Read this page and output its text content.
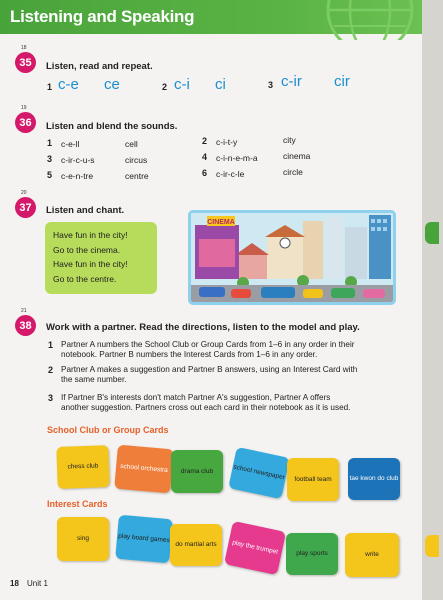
Listening and Speaking
18
35	Listen, read and repeat.
1 c-e ce	2 c-i ci	3 c-ir cir
19
36	Listen and blend the sounds.
1 c-e-ll	cell	2 c-i-t-y	city
3 c-ir-c-u-s	circus	4 c-i-n-e-m-a	cinema
5 c-e-n-tre	centre	6 c-ir-c-le	circle
20
37	Listen and chant.
Have fun in the city!
Go to the cinema.
Have fun in the city!
Go to the centre.
CINEMA
21
38	Work with a partner. Read the directions, listen to the model and play.
1 Partner A numbers the School Club or Group Cards from 1–6 in any order in their
notebook. Partner B numbers the Interest Cards from 1–6 in any order.
2 Partner A makes a suggestion and Partner B answers, using an Interest Card with
the same number.
3 If Partner B's interests don't match Partner A's suggestion, Partner A offers
another suggestion. Partners cross out each card in their notebook as it is used.
School Club or Group Cards
chess club	school orchestra	drama club	school newspaper	football team	tae kwon do club
Interest Cards
sing	play board games
do martial arts	play the trumpet	play sports	write
18 Unit 1
